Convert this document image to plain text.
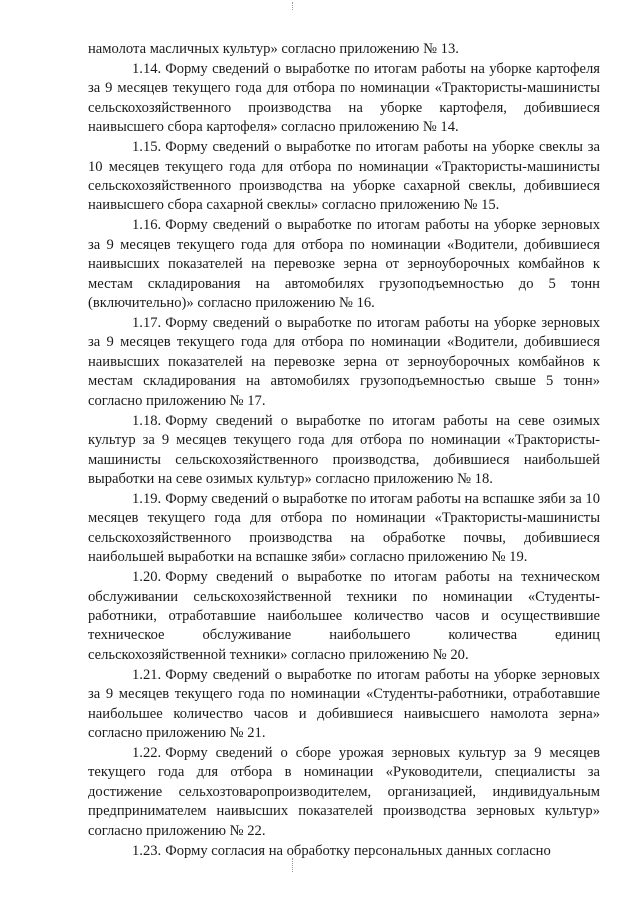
намолота масличных культур» согласно приложению № 13.

1.14. Форму сведений о выработке по итогам работы на уборке картофеля за 9 месяцев текущего года для отбора по номинации «Трактористы-машинисты сельскохозяйственного производства на уборке картофеля, добившиеся наивысшего сбора картофеля» согласно приложению № 14.

1.15. Форму сведений о выработке по итогам работы на уборке свеклы за 10 месяцев текущего года для отбора по номинации «Трактористы-машинисты сельскохозяйственного производства на уборке сахарной свеклы, добившиеся наивысшего сбора сахарной свеклы» согласно приложению № 15.

1.16. Форму сведений о выработке по итогам работы на уборке зерновых за 9 месяцев текущего года для отбора по номинации «Водители, добившиеся наивысших показателей на перевозке зерна от зерноуборочных комбайнов к местам складирования на автомобилях грузоподъемностью до 5 тонн (включительно)» согласно приложению № 16.

1.17. Форму сведений о выработке по итогам работы на уборке зерновых за 9 месяцев текущего года для отбора по номинации «Водители, добившиеся наивысших показателей на перевозке зерна от зерноуборочных комбайнов к местам складирования на автомобилях грузоподъемностью свыше 5 тонн» согласно приложению № 17.

1.18. Форму сведений о выработке по итогам работы на севе озимых культур за 9 месяцев текущего года для отбора по номинации «Трактористы-машинисты сельскохозяйственного производства, добившиеся наибольшей выработки на севе озимых культур» согласно приложению № 18.

1.19. Форму сведений о выработке по итогам работы на вспашке зяби за 10 месяцев текущего года для отбора по номинации «Трактористы-машинисты сельскохозяйственного производства на обработке почвы, добившиеся наибольшей выработки на вспашке зяби» согласно приложению № 19.

1.20. Форму сведений о выработке по итогам работы на техническом обслуживании сельскохозяйственной техники по номинации «Студенты-работники, отработавшие наибольшее количество часов и осуществившие техническое обслуживание наибольшего количества единиц сельскохозяйственной техники» согласно приложению № 20.

1.21. Форму сведений о выработке по итогам работы на уборке зерновых за 9 месяцев текущего года по номинации «Студенты-работники, отработавшие наибольшее количество часов и добившиеся наивысшего намолота зерна» согласно приложению № 21.

1.22. Форму сведений о сборе урожая зерновых культур за 9 месяцев текущего года для отбора в номинации «Руководители, специалисты за достижение сельхозтоваропроизводителем, организацией, индивидуальным предпринимателем наивысших показателей производства зерновых культур» согласно приложению № 22.

1.23. Форму согласия на обработку персональных данных согласно
